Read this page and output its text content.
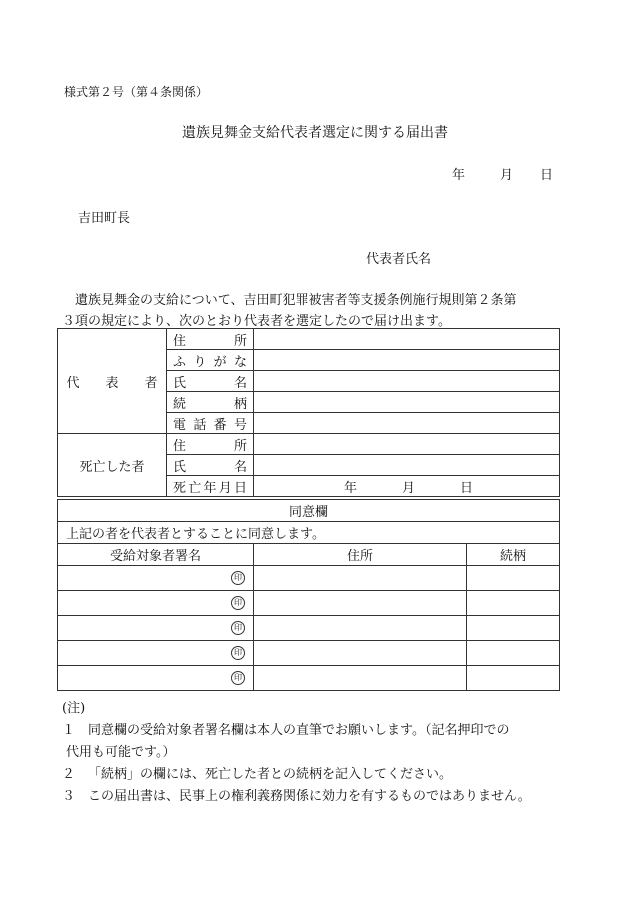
様式第２号（第４条関係）
遺族見舞金支給代表者選定に関する届出書
年	月 日
吉田町長
代表者氏名
　遺族見舞金の支給について、吉田町犯罪被害者等支援条例施行規則第２条第
３項の規定により、次のとおり代表者を選定したので届け出ます。
代　　表　　者	住　　所	
	ふりがな	
	氏　　名	
	続　　柄	
	電話番号	
死亡した者	住　　所	
	氏　　名	
	死亡年月日	年 月 日
同意欄		
上記の者を代表者とすることに同意します。		
受給対象者署名	住所	続柄
印		
印		
印		
印		
印		
(注)
１ 同意欄の受給対象者署名欄は本人の直筆でお願いします。（記名押印での
代用も可能です。）
２ 「続柄」の欄には、死亡した者との続柄を記入してください。
３ この届出書は、民事上の権利義務関係に効力を有するものではありません。
